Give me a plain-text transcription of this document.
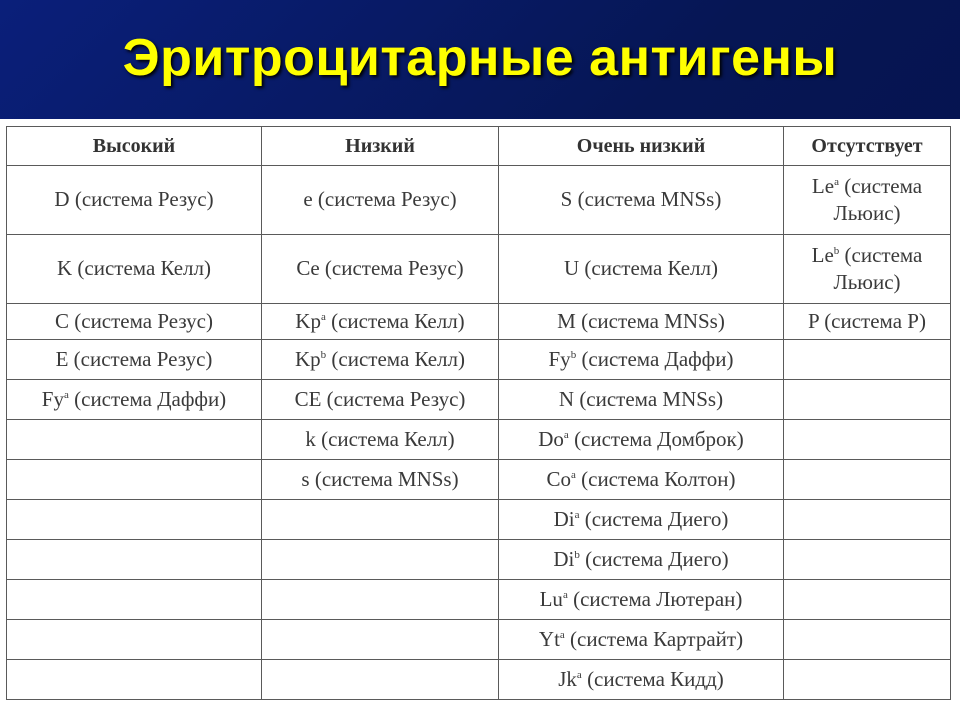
Эритроцитарные антигены
Высокий	Низкий	Очень низкий	Отсутствует
D (система Резус)	e (система Резус)	S (система MNSs)	Le$^a$ (система Льюис)
K (система Келл)	Ce (система Резус)	U (система Келл)	Le$^b$ (система Льюис)
C (система Резус)	Kp$^a$ (система Келл)	M (система MNSs)	P (система P)
E (система Резус)	Kp$^b$ (система Келл)	Fy$^b$ (система Даффи)	
Fy$^a$ (система Даффи)	CE (система Резус)	N (система MNSs)	
	k (система Келл)	Do$^a$ (система Домброк)	
	s (система MNSs)	Co$^a$ (система Колтон)	
		Di$^a$ (система Диего)	
		Di$^b$ (система Диего)	
		Lu$^a$ (система Лютеран)	
		Yt$^a$ (система Картрайт)	
		Jk$^a$ (система Кидд)	
